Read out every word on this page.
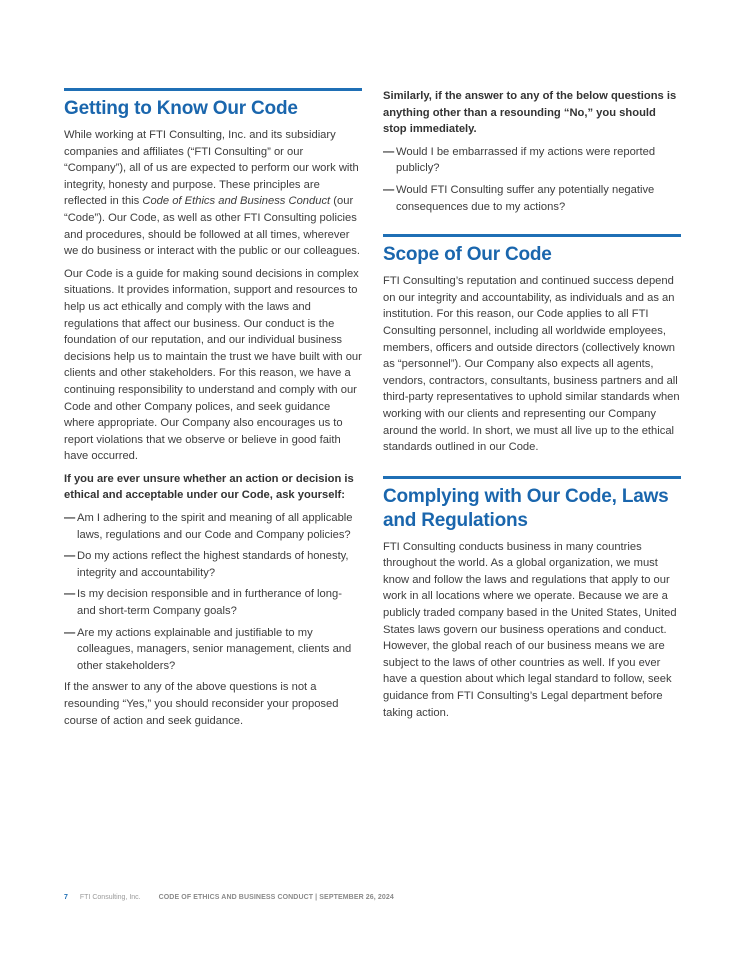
Getting to Know Our Code

While working at FTI Consulting, Inc. and its subsidiary companies and affiliates (“FTI Consulting” or our “Company”), all of us are expected to perform our work with integrity, honesty and purpose. These principles are reflected in this Code of Ethics and Business Conduct (our “Code”). Our Code, as well as other FTI Consulting policies and procedures, should be followed at all times, wherever we do business or interact with the public or our colleagues.

Our Code is a guide for making sound decisions in complex situations. It provides information, support and resources to help us act ethically and comply with the laws and regulations that affect our business. Our conduct is the foundation of our reputation, and our individual business decisions help us to maintain the trust we have built with our clients and other stakeholders. For this reason, we have a continuing responsibility to understand and comply with our Code and other Company polices, and seek guidance where appropriate. Our Company also encourages us to report violations that we observe or believe in good faith have occurred.

If you are ever unsure whether an action or decision is ethical and acceptable under our Code, ask yourself:

— Am I adhering to the spirit and meaning of all applicable laws, regulations and our Code and Company policies?
— Do my actions reflect the highest standards of honesty, integrity and accountability?
— Is my decision responsible and in furtherance of long- and short-term Company goals?
— Are my actions explainable and justifiable to my colleagues, managers, senior management, clients and other stakeholders?

If the answer to any of the above questions is not a resounding “Yes,” you should reconsider your proposed course of action and seek guidance.

Similarly, if the answer to any of the below questions is anything other than a resounding “No,” you should stop immediately.

— Would I be embarrassed if my actions were reported publicly?
— Would FTI Consulting suffer any potentially negative consequences due to my actions?
Scope of Our Code

FTI Consulting’s reputation and continued success depend on our integrity and accountability, as individuals and as an institution. For this reason, our Code applies to all FTI Consulting personnel, including all worldwide employees, members, officers and outside directors (collectively known as “personnel”). Our Company also expects all agents, vendors, contractors, consultants, business partners and all third-party representatives to uphold similar standards when working with our clients and representing our Company around the world. In short, we must all live up to the ethical standards outlined in our Code.

Complying with Our Code, Laws and Regulations

FTI Consulting conducts business in many countries throughout the world. As a global organization, we must know and follow the laws and regulations that apply to our work in all locations where we operate. Because we are a publicly traded company based in the United States, United States laws govern our business operations and conduct. However, the global reach of our business means we are subject to the laws of other countries as well. If you ever have a question about which legal standard to follow, seek guidance from FTI Consulting’s Legal department before taking action.

7 FTI Consulting, Inc.	CODE OF ETHICS AND BUSINESS CONDUCT | SEPTEMBER 26, 2024
